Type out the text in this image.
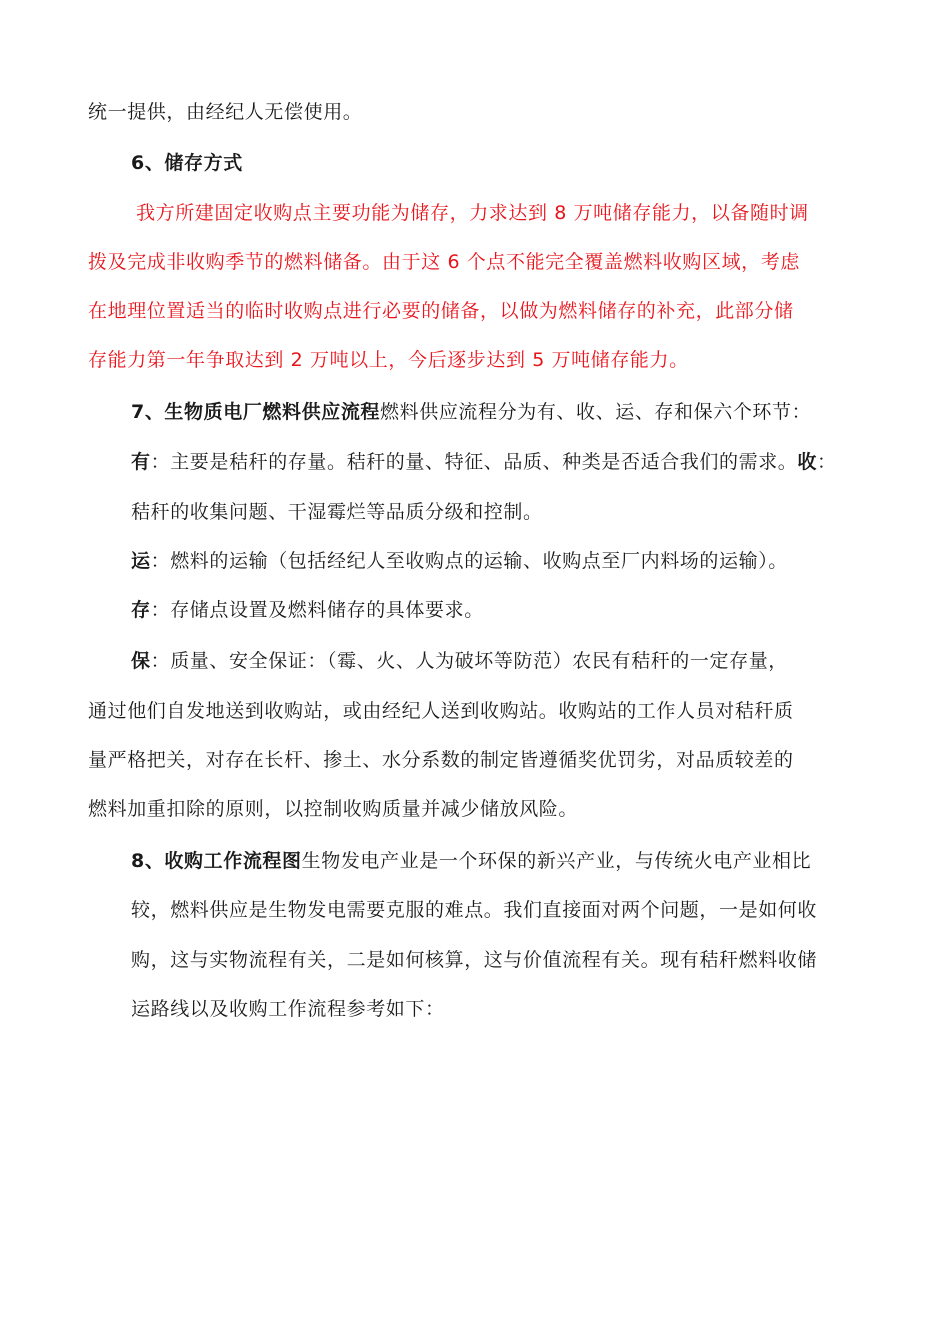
统一提供，由经纪人无偿使用。
6、储存方式
我方所建固定收购点主要功能为储存，力求达到 8 万吨储存能力，以备随时调
拨及完成非收购季节的燃料储备。由于这 6 个点不能完全覆盖燃料收购区域，考虑
在地理位置适当的临时收购点进行必要的储备，以做为燃料储存的补充，此部分储
存能力第一年争取达到 2 万吨以上，今后逐步达到 5 万吨储存能力。
7、生物质电厂燃料供应流程燃料供应流程分为有、收、运、存和保六个环节：
有：主要是秸秆的存量。秸秆的量、特征、品质、种类是否适合我们的需求。收：
秸秆的收集问题、干湿霉烂等品质分级和控制。
运：燃料的运输（包括经纪人至收购点的运输、收购点至厂内料场的运输）。
存：存储点设置及燃料储存的具体要求。
保：质量、安全保证：（霉、火、人为破坏等防范）农民有秸秆的一定存量，
通过他们自发地送到收购站，或由经纪人送到收购站。收购站的工作人员对秸秆质
量严格把关，对存在长杆、掺土、水分系数的制定皆遵循奖优罚劣，对品质较差的
燃料加重扣除的原则，以控制收购质量并减少储放风险。
8、收购工作流程图生物发电产业是一个环保的新兴产业，与传统火电产业相比
较，燃料供应是生物发电需要克服的难点。我们直接面对两个问题，一是如何收
购，这与实物流程有关，二是如何核算，这与价值流程有关。现有秸秆燃料收储
运路线以及收购工作流程参考如下：
